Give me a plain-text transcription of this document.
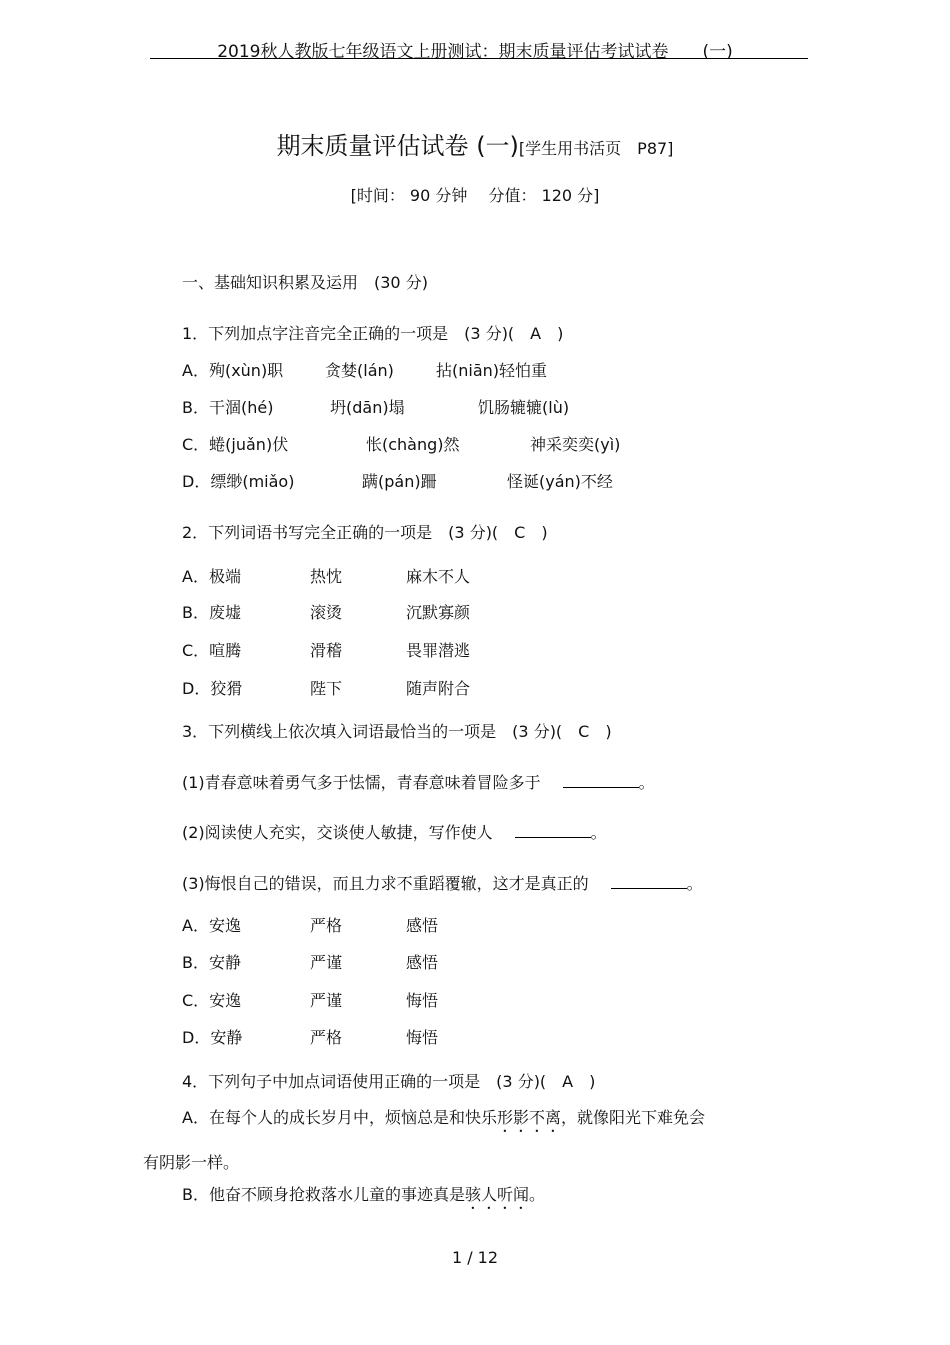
2019秋人教版七年级语文上册测试：期末质量评估考试试卷　　(一)
期末质量评估试卷 (一)[学生用书活页　P87]
[时间： 90 分钟　 分值： 120 分]
一、基础知识积累及运用　(30 分)
1．下列加点字注音完全正确的一项是　(3 分)(　A　)
A．殉(xùn)职	贪婪(lán)	拈(niān)轻怕重
B．干涸(hé)	坍(dān)塌	饥肠辘辘(lù)
C．蜷(juǎn)伏	怅(chàng)然	神采奕奕(yì)
D．缥缈(miǎo)	蹒(pán)跚	怪诞(yán)不经
2．下列词语书写完全正确的一项是　(3 分)(　C　)
A．极端	热忱	麻木不人
B．废墟	滚烫	沉默寡颜
C．喧腾	滑稽	畏罪潜逃
D．狡猾	陛下	随声附合
3．下列横线上依次填入词语最恰当的一项是　(3 分)(　C　)
(1)青春意味着勇气多于怯懦，青春意味着冒险多于	。
(2)阅读使人充实，交谈使人敏捷，写作使人	。
(3)悔恨自己的错误，而且力求不重蹈覆辙，这才是真正的	。
A．安逸	严格	感悟
B．安静	严谨	感悟
C．安逸	严谨	悔悟
D．安静	严格	悔悟
4．下列句子中加点词语使用正确的一项是　(3 分)(　A　)
A．在每个人的成长岁月中，烦恼总是和快乐形影不离，就像阳光下难免会
有阴影一样。
B．他奋不顾身抢救落水儿童的事迹真是骇人听闻。
1 / 12
